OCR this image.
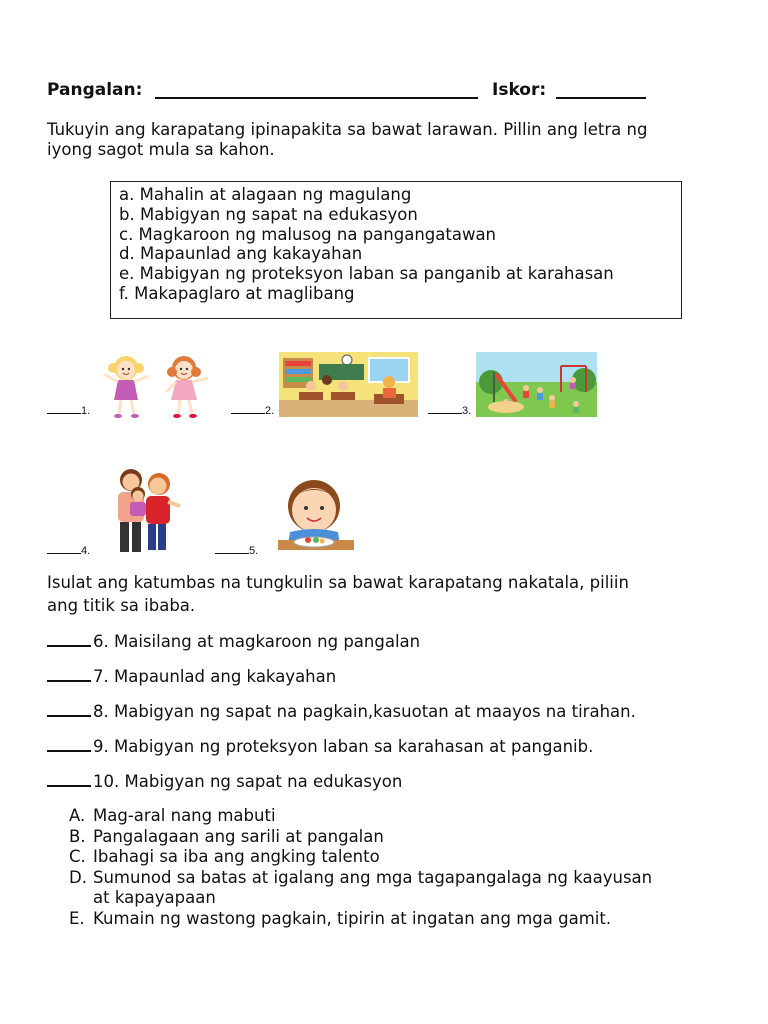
Pangalan:	Iskor:
Tukuyin ang karapatang ipinapakita sa bawat larawan. Pillin ang letra ng
iyong sagot mula sa kahon.
a. Mahalin at alagaan ng magulang
b. Mabigyan ng sapat na edukasyon
c. Magkaroon ng malusog na pangangatawan
d. Mapaunlad ang kakayahan
e. Mabigyan ng proteksyon laban sa panganib at karahasan
f. Makapaglaro at maglibang
1.	2.	3.
4.	5.
Isulat ang katumbas na tungkulin sa bawat karapatang nakatala, piliin
ang titik sa ibaba.
6. Maisilang at magkaroon ng pangalan
7. Mapaunlad ang kakayahan
8. Mabigyan ng sapat na pagkain,kasuotan at maayos na tirahan.
9. Mabigyan ng proteksyon laban sa karahasan at panganib.
10. Mabigyan ng sapat na edukasyon
A. Mag-aral nang mabuti
B. Pangalagaan ang sarili at pangalan
C. Ibahagi sa iba ang angking talento
D. Sumunod sa batas at igalang ang mga tagapangalaga ng kaayusan
at kapayapaan
E. Kumain ng wastong pagkain, tipirin at ingatan ang mga gamit.
